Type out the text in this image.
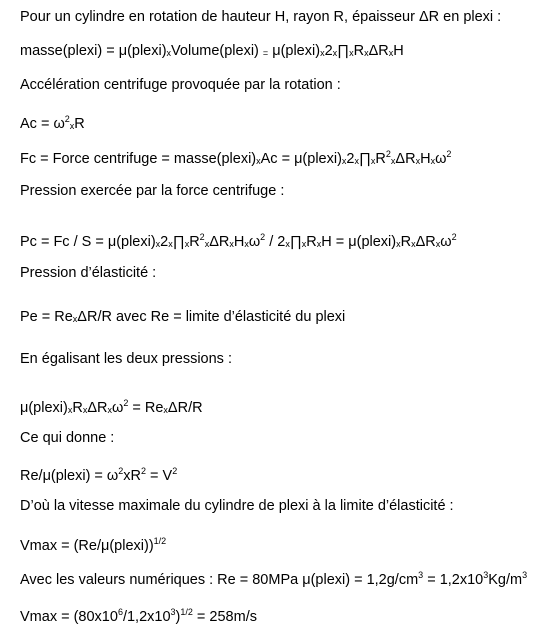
Pour un cylindre en rotation de hauteur H, rayon R, épaisseur ΔR en plexi :
masse(plexi) = μ(plexi)xVolume(plexi) = μ(plexi)x2x∏xRxΔRxH
Accélération centrifuge provoquée par la rotation :
$Ac = \omega^2xR$
Fc = Force centrifuge = masse(plexi)xAc = $\mu(plexi)x2x\prod xR^2x\Delta RxHx\omega^2$
Pression exercée par la force centrifuge :
$Pc = Fc / S = \mu(plexi)x2x\prod xR^2x\Delta RxHx\omega^2$ / 2x∏xRxH = μ(plexi)xRxΔRxω$^2$
Pression d’élasticité :
Pe = RexΔR/R avec Re = limite d’élasticité du plexi
En égalisant les deux pressions :
μ(plexi)xRxΔRxω$^2$ = RexΔR/R
Ce qui donne :
Re/μ(plexi) = $\omega^2xR^2 = V^2$
D’où la vitesse maximale du cylindre de plexi à la limite d’élasticité :
Vmax = (Re/μ(plexi))$^{1/2}$
Avec les valeurs numériques : Re = 80MPa μ(plexi) = $1,2g/cm^3 = 1,2x10^3Kg/m^3$
$Vmax = (80x10^6/1,2x10^3)^{1/2} = 258m/s$
